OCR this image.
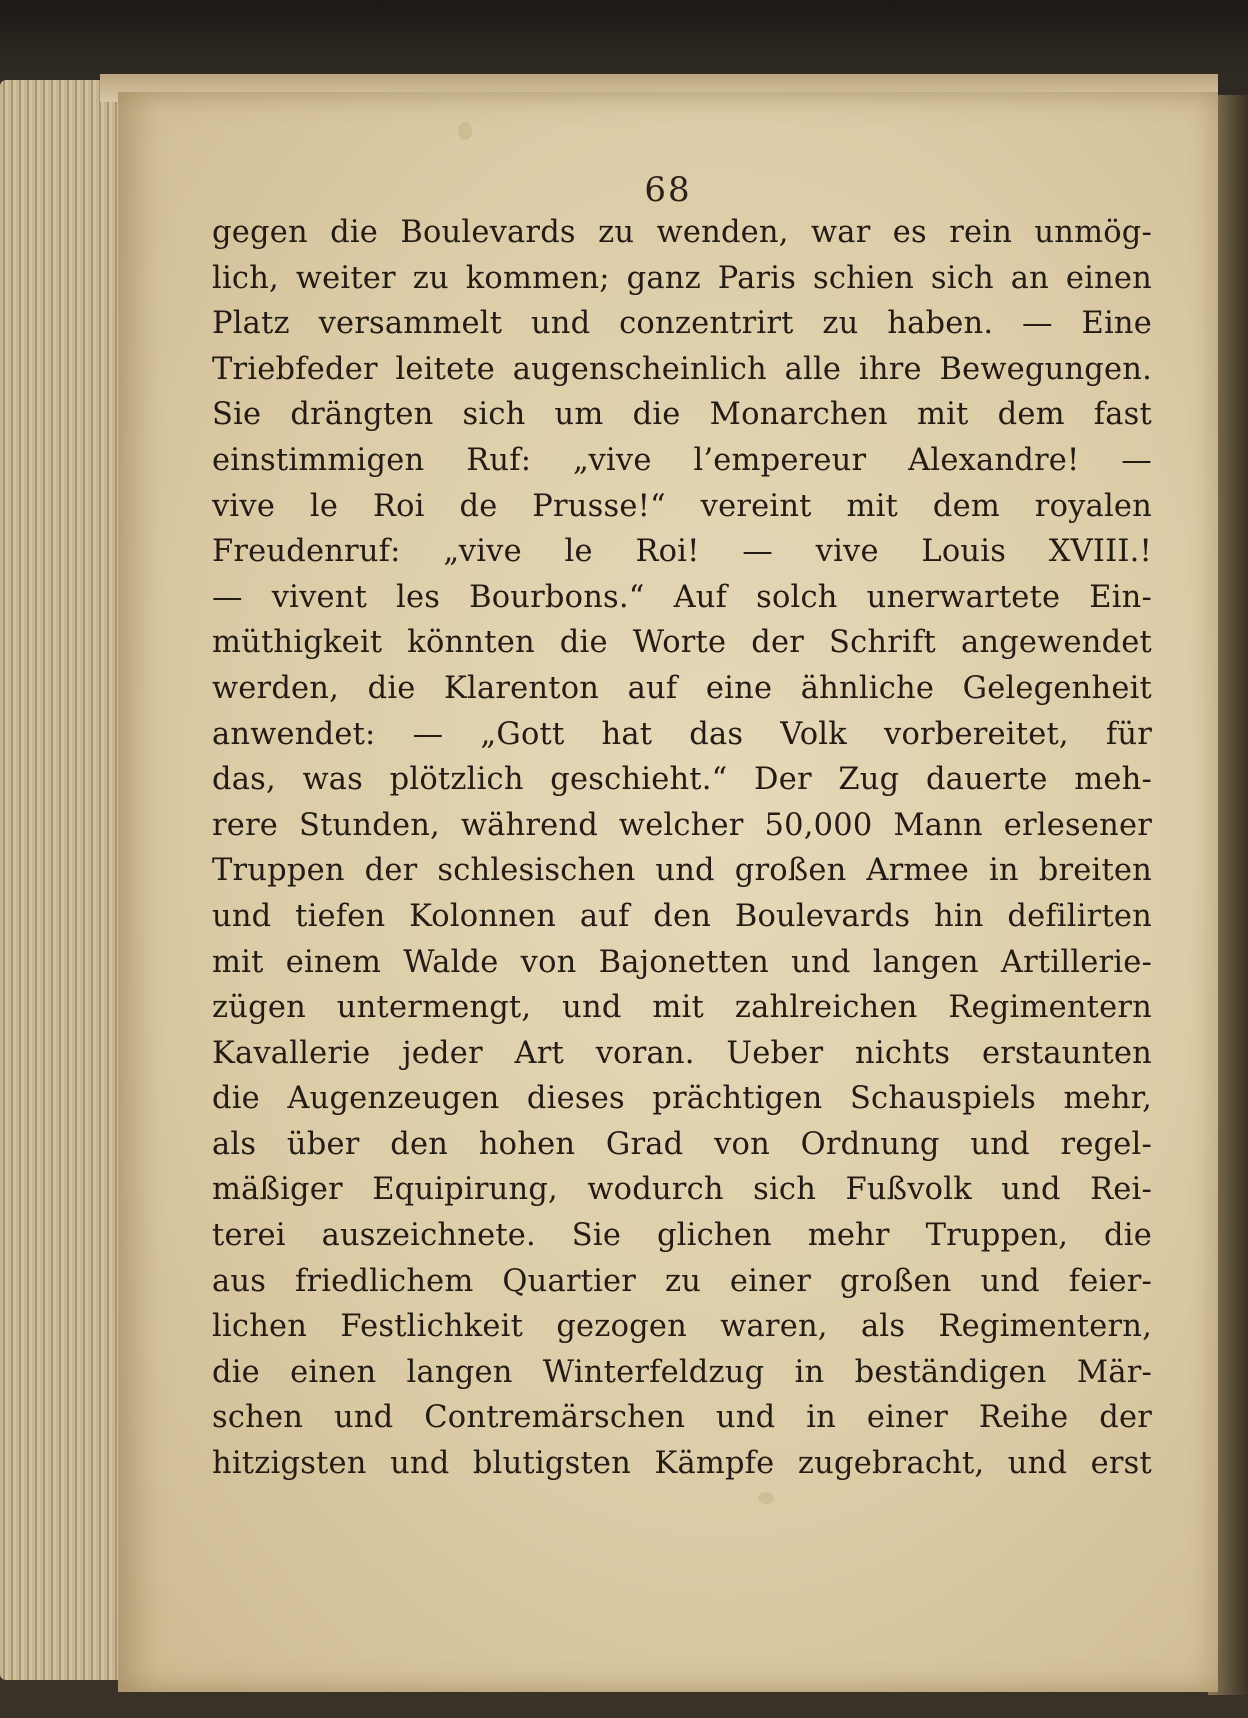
68
gegen die Boulevards zu wenden, war es rein unmög-
lich, weiter zu kommen; ganz Paris schien sich an einen
Platz versammelt und conzentrirt zu haben. — Eine
Triebfeder leitete augenscheinlich alle ihre Bewegungen.
Sie drängten sich um die Monarchen mit dem fast
einstimmigen Ruf: „vive l’empereur Alexandre! —
vive le Roi de Prusse!“ vereint mit dem royalen
Freudenruf: „vive le Roi! — vive Louis XVIII.!
— vivent les Bourbons.“ Auf solch unerwartete Ein-
müthigkeit könnten die Worte der Schrift angewendet
werden, die Klarenton auf eine ähnliche Gelegenheit
anwendet: — „Gott hat das Volk vorbereitet, für
das, was plötzlich geschieht.“ Der Zug dauerte meh-
rere Stunden, während welcher 50,000 Mann erlesener
Truppen der schlesischen und großen Armee in breiten
und tiefen Kolonnen auf den Boulevards hin defilirten
mit einem Walde von Bajonetten und langen Artillerie-
zügen untermengt, und mit zahlreichen Regimentern
Kavallerie jeder Art voran. Ueber nichts erstaunten
die Augenzeugen dieses prächtigen Schauspiels mehr,
als über den hohen Grad von Ordnung und regel-
mäßiger Equipirung, wodurch sich Fußvolk und Rei-
terei auszeichnete. Sie glichen mehr Truppen, die
aus friedlichem Quartier zu einer großen und feier-
lichen Festlichkeit gezogen waren, als Regimentern,
die einen langen Winterfeldzug in beständigen Mär-
schen und Contremärschen und in einer Reihe der
hitzigsten und blutigsten Kämpfe zugebracht, und erst
